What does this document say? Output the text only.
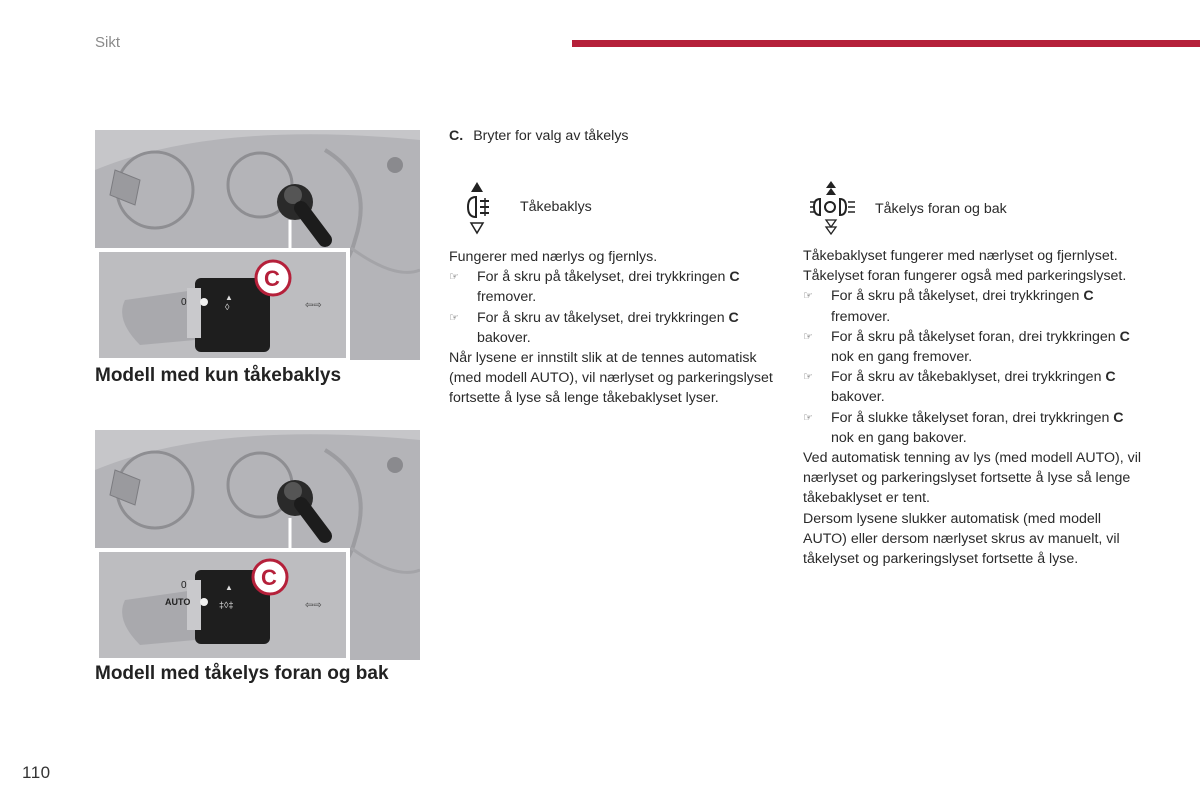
Sikt
0	▲
◊
C
⇦⇨
Modell med kun tåkebaklys
0
AUTO
▲
‡◊‡
C
⇦⇨
Modell med tåkelys foran og bak
C. Bryter for valg av tåkelys
Tåkebaklys	Tåkelys foran og bak

Fungerer med nærlys og fjernlys.

☞ For å skru på tåkelyset, drei trykkringen C fremover.

☞ For å skru av tåkelyset, drei trykkringen C bakover.

Når lysene er innstilt slik at de tennes automatisk (med modell AUTO), vil nærlyset og parkeringslyset fortsette å lyse så lenge tåkebaklyset lyser.

Tåkebaklyset fungerer med nærlyset og fjernlyset.

Tåkelyset foran fungerer også med parkeringslyset.

☞ For å skru på tåkelyset, drei trykkringen C fremover.

☞ For å skru på tåkelyset foran, drei trykkringen C nok en gang fremover.

☞ For å skru av tåkebaklyset, drei trykkringen C bakover.

☞ For å slukke tåkelyset foran, drei trykkringen C nok en gang bakover.

Ved automatisk tenning av lys (med modell AUTO), vil nærlyset og parkeringslyset fortsette å lyse så lenge tåkebaklyset er tent.

Dersom lysene slukker automatisk (med modell AUTO) eller dersom nærlyset skrus av manuelt, vil tåkelyset og parkeringslyset fortsette å lyse.

110
